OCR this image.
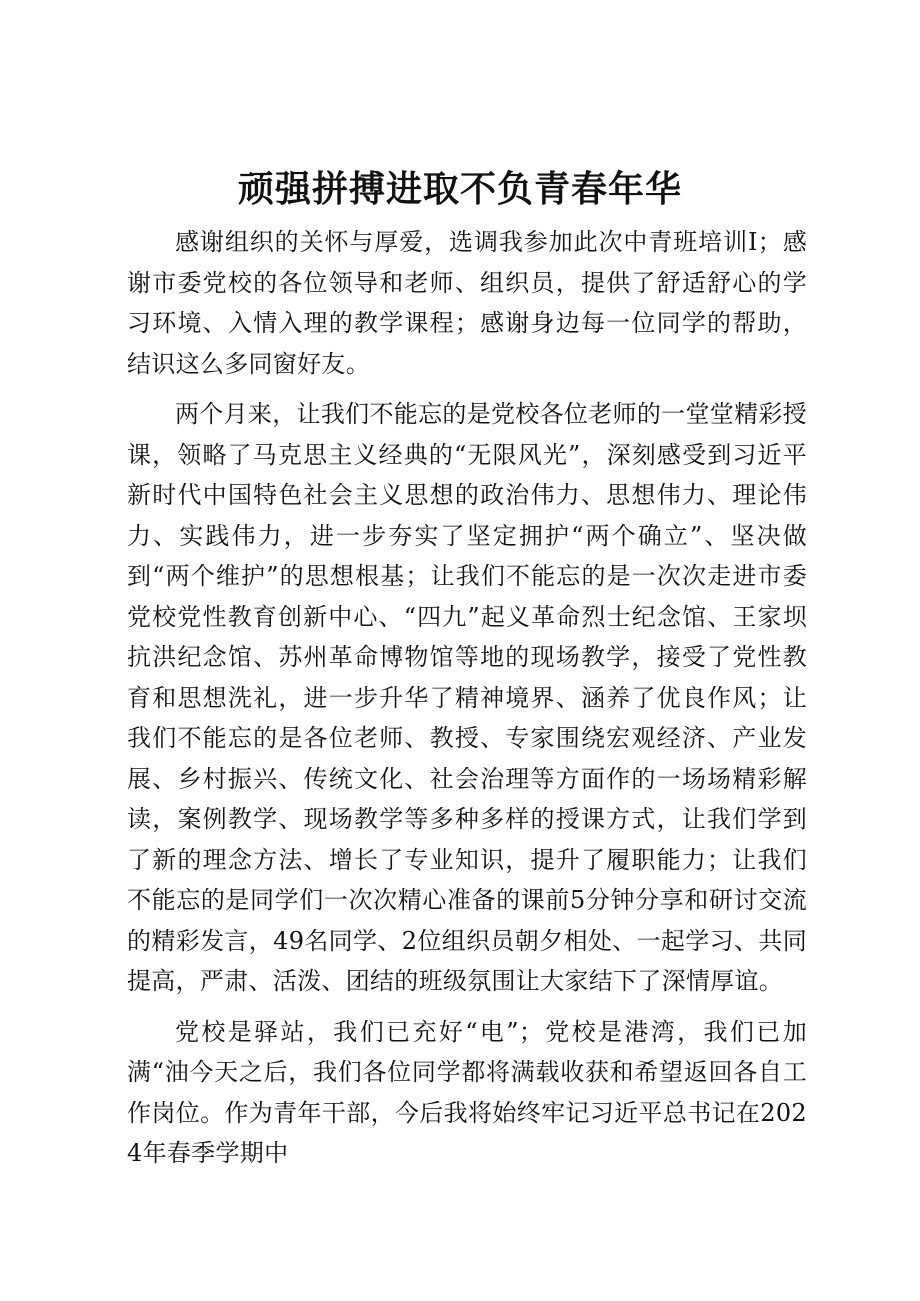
顽强拼搏进取不负青春年华

感谢组织的关怀与厚爱，选调我参加此次中青班培训I；感谢市委党校的各位领导和老师、组织员，提供了舒适舒心的学习环境、入情入理的教学课程；感谢身边每一位同学的帮助，结识这么多同窗好友。

两个月来，让我们不能忘的是党校各位老师的一堂堂精彩授课，领略了马克思主义经典的“无限风光”，深刻感受到习近平新时代中国特色社会主义思想的政治伟力、思想伟力、理论伟力、实践伟力，进一步夯实了坚定拥护“两个确立”、坚决做到“两个维护”的思想根基；让我们不能忘的是一次次走进市委党校党性教育创新中心、“四九”起义革命烈士纪念馆、王家坝抗洪纪念馆、苏州革命博物馆等地的现场教学，接受了党性教育和思想洗礼，进一步升华了精神境界、涵养了优良作风；让我们不能忘的是各位老师、教授、专家围绕宏观经济、产业发展、乡村振兴、传统文化、社会治理等方面作的一场场精彩解读，案例教学、现场教学等多种多样的授课方式，让我们学到了新的理念方法、增长了专业知识，提升了履职能力；让我们不能忘的是同学们一次次精心准备的课前5分钟分享和研讨交流的精彩发言，49名同学、2位组织员朝夕相处、一起学习、共同提高，严肃、活泼、团结的班级氛围让大家结下了深情厚谊。

党校是驿站，我们已充好“电”；党校是港湾，我们已加满“油今天之后，我们各位同学都将满载收获和希望返回各自工作岗位。作为青年干部，今后我将始终牢记习近平总书记在2024年春季学期中
